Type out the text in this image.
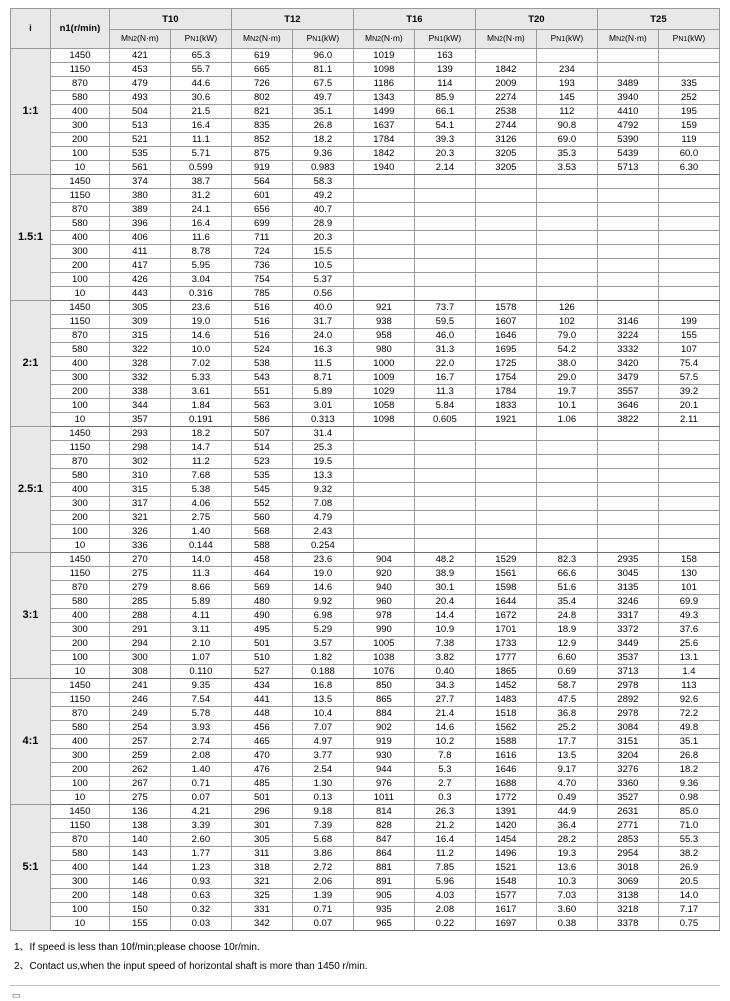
i	n1(r/min)	T10		T12		T16		T20		T25	
		MN2(N·m)	PN1(kW)	MN2(N·m)	PN1(kW)	MN2(N·m)	PN1(kW)	MN2(N·m)	PN1(kW)	MN2(N·m)	PN1(kW)
1:1	1450	421	65.3	619	96.0	1019	163				
	1150	453	55.7	665	81.1	1098	139	1842	234		
	870	479	44.6	726	67.5	1186	114	2009	193	3489	335
	580	493	30.6	802	49.7	1343	85.9	2274	145	3940	252
	400	504	21.5	821	35.1	1499	66.1	2538	112	4410	195
	300	513	16.4	835	26.8	1637	54.1	2744	90.8	4792	159
	200	521	11.1	852	18.2	1784	39.3	3126	69.0	5390	119
	100	535	5.71	875	9.36	1842	20.3	3205	35.3	5439	60.0
	10	561	0.599	919	0.983	1940	2.14	3205	3.53	5713	6.30
1.5:1	1450	374	38.7	564	58.3						
	1150	380	31.2	601	49.2						
	870	389	24.1	656	40.7						
	580	396	16.4	699	28.9						
	400	406	11.6	711	20.3						
	300	411	8.78	724	15.5						
	200	417	5.95	736	10.5						
	100	426	3.04	754	5.37						
	10	443	0.316	785	0.56						
2:1	1450	305	23.6	516	40.0	921	73.7	1578	126		
	1150	309	19.0	516	31.7	938	59.5	1607	102	3146	199
	870	315	14.6	516	24.0	958	46.0	1646	79.0	3224	155
	580	322	10.0	524	16.3	980	31.3	1695	54.2	3332	107
	400	328	7.02	538	11.5	1000	22.0	1725	38.0	3420	75.4
	300	332	5.33	543	8.71	1009	16.7	1754	29.0	3479	57.5
	200	338	3.61	551	5.89	1029	11.3	1784	19.7	3557	39.2
	100	344	1.84	563	3.01	1058	5.84	1833	10.1	3646	20.1
	10	357	0.191	586	0.313	1098	0.605	1921	1.06	3822	2.11
2.5:1	1450	293	18.2	507	31.4						
	1150	298	14.7	514	25.3						
	870	302	11.2	523	19.5						
	580	310	7.68	535	13.3						
	400	315	5.38	545	9.32						
	300	317	4.06	552	7.08						
	200	321	2.75	560	4.79						
	100	326	1.40	568	2.43						
	10	336	0.144	588	0.254						
3:1	1450	270	14.0	458	23.6	904	48.2	1529	82.3	2935	158
	1150	275	11.3	464	19.0	920	38.9	1561	66.6	3045	130
	870	279	8.66	569	14.6	940	30.1	1598	51.6	3135	101
	580	285	5.89	480	9.92	960	20.4	1644	35.4	3246	69.9
	400	288	4.11	490	6.98	978	14.4	1672	24.8	3317	49.3
	300	291	3.11	495	5.29	990	10.9	1701	18.9	3372	37.6
	200	294	2.10	501	3.57	1005	7.38	1733	12.9	3449	25.6
	100	300	1.07	510	1.82	1038	3.82	1777	6.60	3537	13.1
	10	308	0.110	527	0.188	1076	0.40	1865	0.69	3713	1.4
4:1	1450	241	9.35	434	16.8	850	34.3	1452	58.7	2978	113
	1150	246	7.54	441	13.5	865	27.7	1483	47.5	2892	92.6
	870	249	5.78	448	10.4	884	21.4	1518	36.8	2978	72.2
	580	254	3.93	456	7.07	902	14.6	1562	25.2	3084	49.8
	400	257	2.74	465	4.97	919	10.2	1588	17.7	3151	35.1
	300	259	2.08	470	3.77	930	7.8	1616	13.5	3204	26.8
	200	262	1.40	476	2.54	944	5.3	1646	9.17	3276	18.2
	100	267	0.71	485	1.30	976	2.7	1688	4.70	3360	9.36
	10	275	0.07	501	0.13	1011	0.3	1772	0.49	3527	0.98
5:1	1450	136	4.21	296	9.18	814	26.3	1391	44.9	2631	85.0
	1150	138	3.39	301	7.39	828	21.2	1420	36.4	2771	71.0
	870	140	2.60	305	5.68	847	16.4	1454	28.2	2853	55.3
	580	143	1.77	311	3.86	864	11.2	1496	19.3	2954	38.2
	400	144	1.23	318	2.72	881	7.85	1521	13.6	3018	26.9
	300	146	0.93	321	2.06	891	5.96	1548	10.3	3069	20.5
	200	148	0.63	325	1.39	905	4.03	1577	7.03	3138	14.0
	100	150	0.32	331	0.71	935	2.08	1617	3.60	3218	7.17
	10	155	0.03	342	0.07	965	0.22	1697	0.38	3378	0.75
1、If speed is less than 10f/min;please choose 10r/min.
2、Contact us,when the input speed of horizontal shaft is more than 1450 r/min.
▭
